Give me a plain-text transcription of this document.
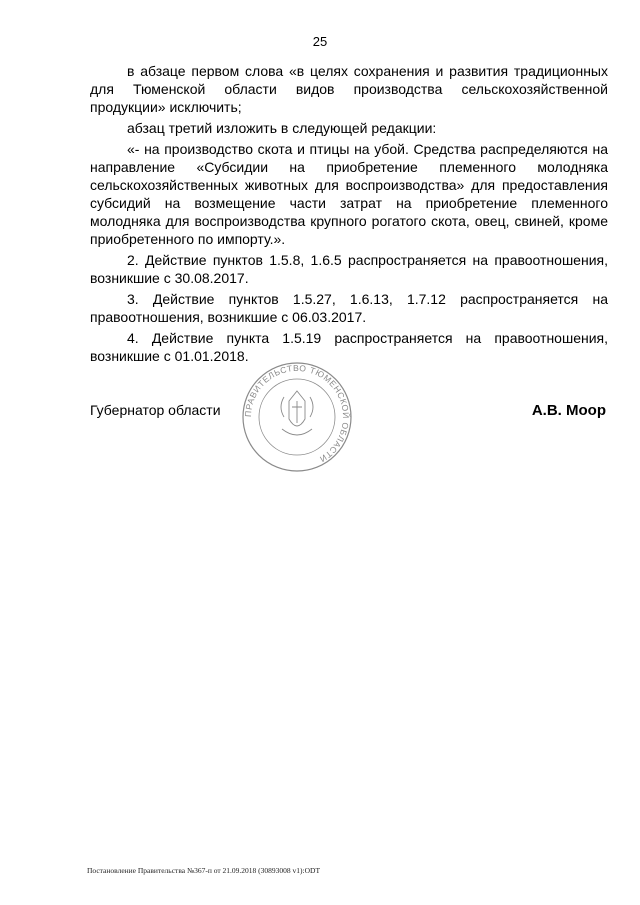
25

в абзаце первом слова «в целях сохранения и развития традиционных для Тюменской области видов производства сельскохозяйственной продукции» исключить;

абзац третий изложить в следующей редакции:

«- на производство скота и птицы на убой. Средства распределяются на направление «Субсидии на приобретение племенного молодняка сельскохозяйственных животных для воспроизводства» для предоставления субсидий на возмещение части затрат на приобретение племенного молодняка для воспроизводства крупного рогатого скота, овец, свиней, кроме приобретенного по импорту.».

2. Действие пунктов 1.5.8, 1.6.5 распространяется на правоотношения, возникшие с 30.08.2017.

3. Действие пунктов 1.5.27, 1.6.13, 1.7.12 распространяется на правоотношения, возникшие с 06.03.2017.

4. Действие пункта 1.5.19 распространяется на правоотношения, возникшие с 01.01.2018.

ПРАВИТЕЛЬСТВО ТЮМЕНСКОЙ ОБЛАСТИ
Губернатор области	А.В. Моор
Постановление Правительства №367-п от 21.09.2018 (30893008 v1):ODT
